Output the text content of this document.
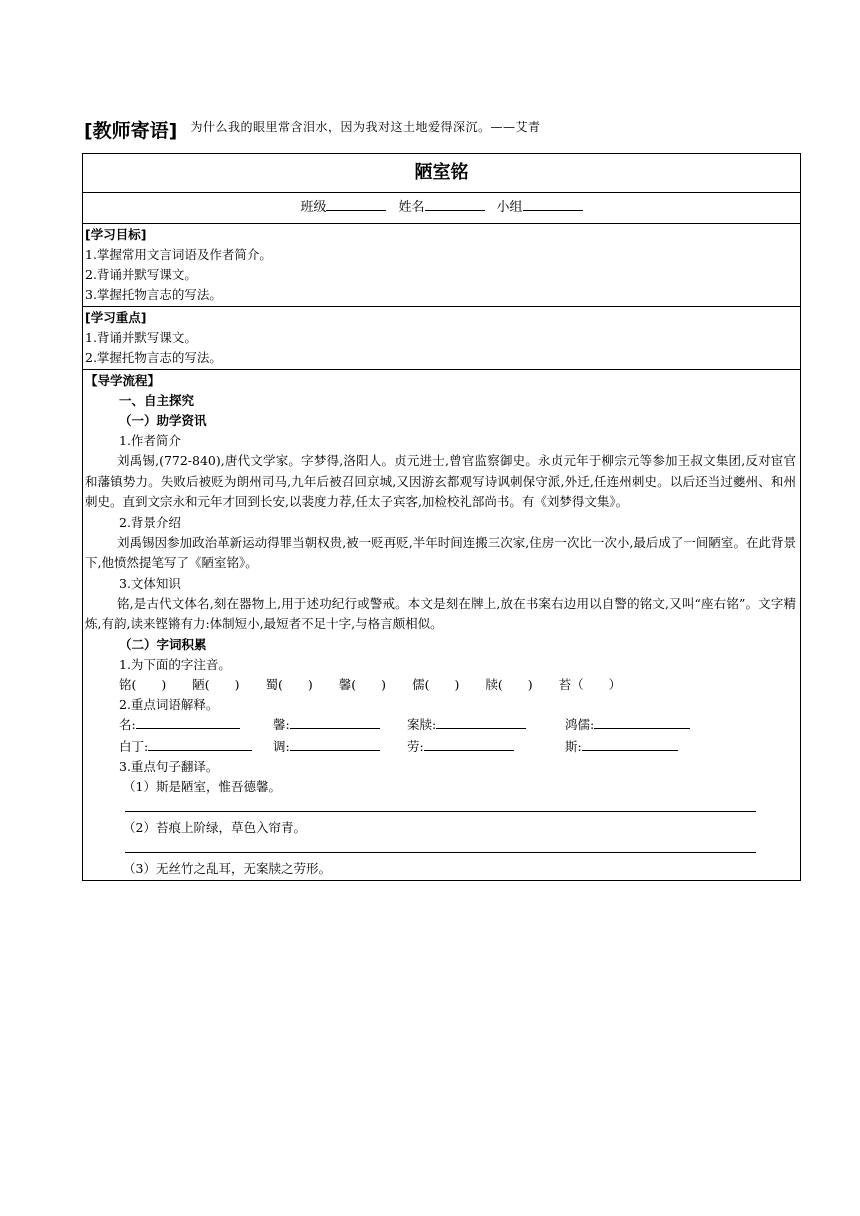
[教师寄语] 为什么我的眼里常含泪水，因为我对这土地爱得深沉。——艾青
陋室铭
班级	姓名	小组
[学习目标]
1.掌握常用文言词语及作者简介。
2.背诵并默写课文。
3.掌握托物言志的写法。
[学习重点]
1.背诵并默写课文。
2.掌握托物言志的写法。
【导学流程】
一、自主探究
（一）助学资讯
1.作者简介
刘禹锡,(772-840),唐代文学家。字梦得,洛阳人。贞元进士,曾官监察御史。永贞元年于柳宗元等参加王叔文集团,反对宦官和藩镇势力。失败后被贬为朗州司马,九年后被召回京城,又因游玄都观写诗讽刺保守派,外迁,任连州刺史。以后还当过夔州、和州刺史。直到文宗永和元年才回到长安,以裴度力荐,任太子宾客,加检校礼部尚书。有《刘梦得文集》。
2.背景介绍
刘禹锡因参加政治革新运动得罪当朝权贵,被一贬再贬,半年时间连搬三次家,住房一次比一次小,最后成了一间陋室。在此背景下,他愤然提笔写了《陋室铭》。
3.文体知识
铭,是古代文体名,刻在器物上,用于述功纪行或警戒。本文是刻在牌上,放在书案右边用以自警的铭文,又叫“座右铭”。文字精炼,有韵,读来铿锵有力:体制短小,最短者不足十字,与格言颇相似。
（二）字词积累
1.为下面的字注音。
铭(　　) 陋(　　) 蜀(　　) 馨(　　) 儒(　　) 牍(　　) 苔（　　）
2.重点词语解释。
名:	馨:	案牍:	鸿儒:
白丁:	调:	劳:	斯:
3.重点句子翻译。
（1）斯是陋室，惟吾德馨。
（2）苔痕上阶绿，草色入帘青。
（3）无丝竹之乱耳，无案牍之劳形。
